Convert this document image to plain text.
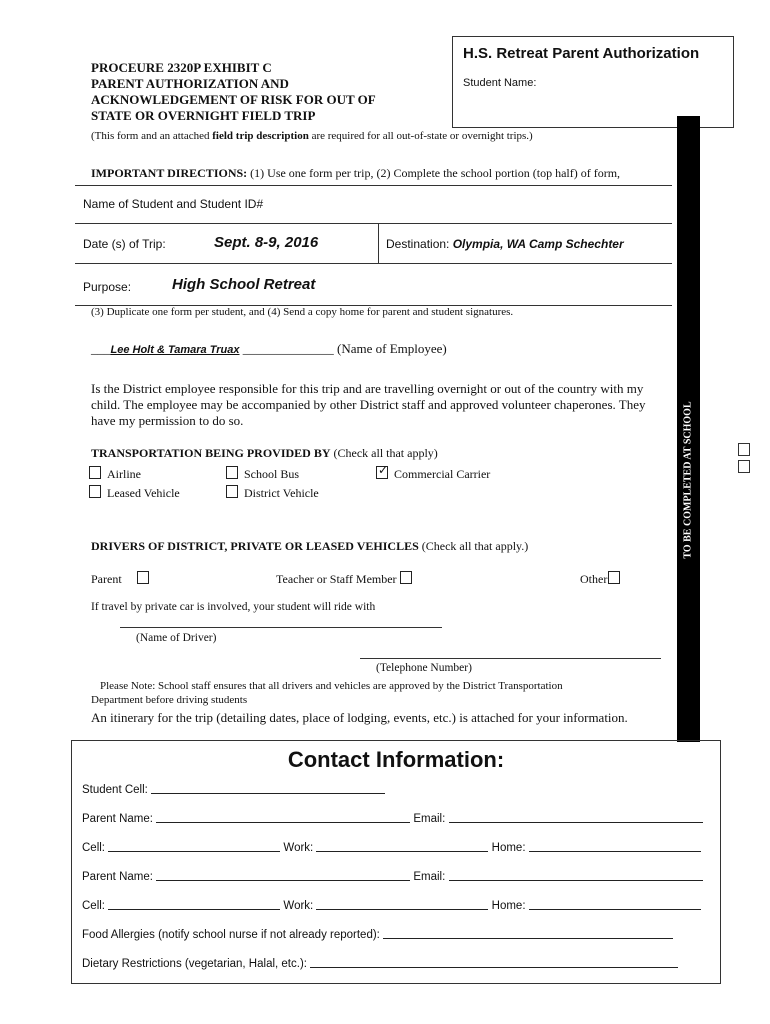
PROCEURE 2320P EXHIBIT C
PARENT AUTHORIZATION AND
ACKNOWLEDGEMENT OF RISK FOR OUT OF
STATE OR OVERNIGHT FIELD TRIP
(This form and an attached field trip description are required for all out-of-state or overnight trips.)
H.S. Retreat Parent Authorization
Student Name:
TO BE COMPLETED AT SCHOOL
IMPORTANT DIRECTIONS: (1) Use one form per trip, (2) Complete the school portion (top half) of form,
Name of Student and Student ID#
Date (s) of Trip:	Sept. 8-9, 2016	Destination: Olympia, WA Camp Schechter
Purpose:	High School Retreat
(3) Duplicate one form per student, and (4) Send a copy home for parent and student signatures.
___Lee Holt & Tamara Truax ______________ (Name of Employee)
Is the District employee responsible for this trip and are travelling overnight or out of the country with my child. The employee may be accompanied by other District staff and approved volunteer chaperones. They have my permission to do so.
TRANSPORTATION BEING PROVIDED BY (Check all that apply)
Airline	School Bus
✓	Commercial Carrier
Leased Vehicle	District Vehicle
DRIVERS OF DISTRICT, PRIVATE OR LEASED VEHICLES (Check all that apply.)
Parent	Teacher or Staff Member	Other
If travel by private car is involved, your student will ride with
(Name of Driver)
(Telephone Number)
Please Note: School staff ensures that all drivers and vehicles are approved by the District Transportation
Department before driving students
An itinerary for the trip (detailing dates, place of lodging, events, etc.) is attached for your information.
Contact Information:
Student Cell:
Parent Name:	Email:
Cell:	Work:	Home:
Parent Name:	Email:
Cell:	Work:	Home:
Food Allergies (notify school nurse if not already reported):
Dietary Restrictions (vegetarian, Halal, etc.):
